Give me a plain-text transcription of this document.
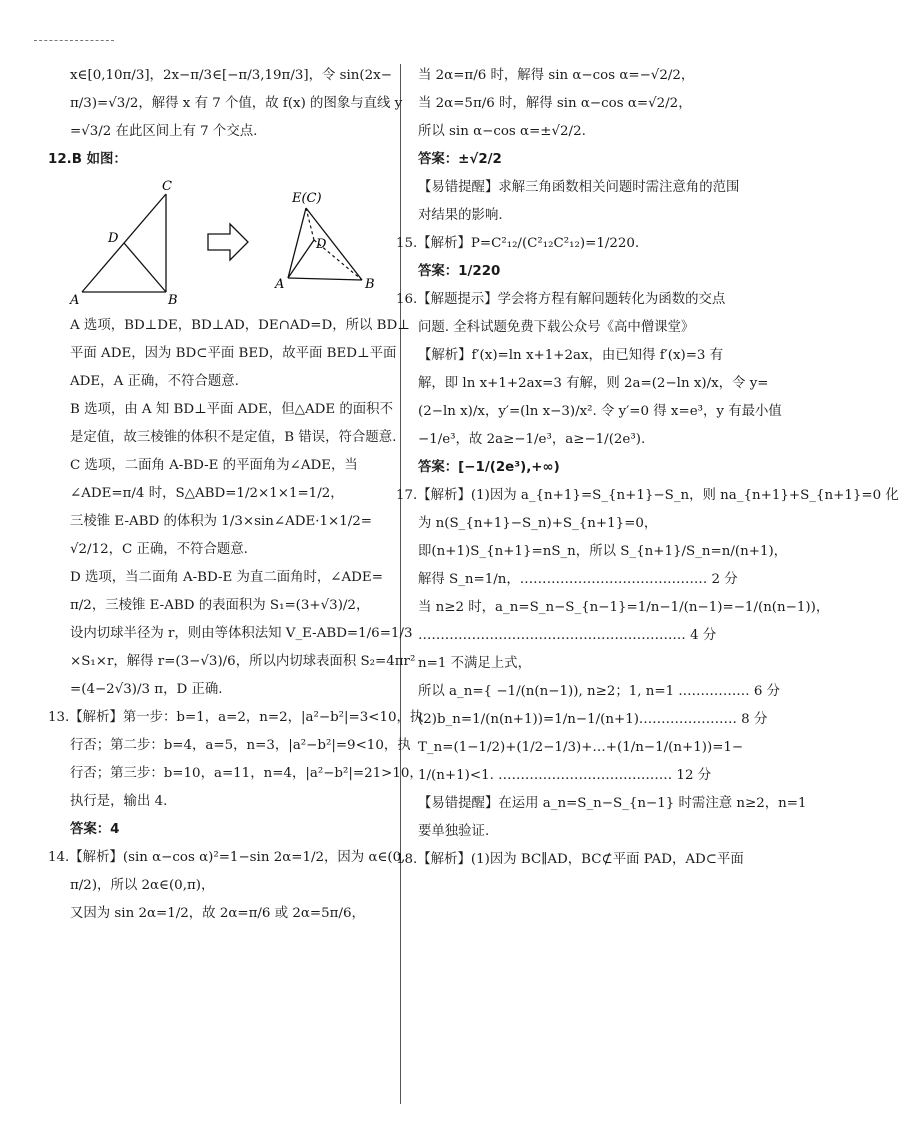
x∈[0,10π/3]，2x−π/3∈[−π/3,19π/3]，令 sin(2x−
π/3)=√3/2，解得 x 有 7 个值，故 f(x) 的图象与直线 y
=√3/2 在此区间上有 7 个交点.
12.B 如图：
C
D
A	B
E(C)
D
A	B
A 选项，BD⊥DE，BD⊥AD，DE∩AD=D，所以 BD⊥
平面 ADE，因为 BD⊂平面 BED，故平面 BED⊥平面
ADE，A 正确，不符合题意.
B 选项，由 A 知 BD⊥平面 ADE，但△ADE 的面积不
是定值，故三棱锥的体积不是定值，B 错误，符合题意.
C 选项，二面角 A-BD-E 的平面角为∠ADE，当
∠ADE=π/4 时，S△ABD=1/2×1×1=1/2，
三棱锥 E-ABD 的体积为 1/3×sin∠ADE·1×1/2=
√2/12，C 正确，不符合题意.
D 选项，当二面角 A-BD-E 为直二面角时，∠ADE=
π/2，三棱锥 E-ABD 的表面积为 S₁=(3+√3)/2，
设内切球半径为 r，则由等体积法知 V_E-ABD=1/6=1/3
×S₁×r，解得 r=(3−√3)/6，所以内切球表面积 S₂=4πr²
=(4−2√3)/3 π，D 正确.
13.【解析】第一步：b=1，a=2，n=2，|a²−b²|=3<10，执
行否；第二步：b=4，a=5，n=3，|a²−b²|=9<10，执
行否；第三步：b=10，a=11，n=4，|a²−b²|=21>10，
执行是，输出 4.
答案：4
14.【解析】(sin α−cos α)²=1−sin 2α=1/2，因为 α∈(0,
π/2)，所以 2α∈(0,π)，
又因为 sin 2α=1/2，故 2α=π/6 或 2α=5π/6，
当 2α=π/6 时，解得 sin α−cos α=−√2/2，
当 2α=5π/6 时，解得 sin α−cos α=√2/2，
所以 sin α−cos α=±√2/2.
答案：±√2/2
【易错提醒】求解三角函数相关问题时需注意角的范围
对结果的影响.
15.【解析】P=C²₁₂/(C²₁₂C²₁₂)=1/220.
答案：1/220
16.【解题提示】学会将方程有解问题转化为函数的交点
问题. 全科试题免费下载公众号《高中僧课堂》
【解析】f′(x)=ln x+1+2ax，由已知得 f′(x)=3 有
解，即 ln x+1+2ax=3 有解，则 2a=(2−ln x)/x，令 y=
(2−ln x)/x，y′=(ln x−3)/x². 令 y′=0 得 x=e³，y 有最小值
−1/e³，故 2a≥−1/e³，a≥−1/(2e³).
答案：[−1/(2e³),+∞)
17.【解析】(1)因为 a_{n+1}=S_{n+1}−S_n，则 na_{n+1}+S_{n+1}=0 化
为 n(S_{n+1}−S_n)+S_{n+1}=0，
即(n+1)S_{n+1}=nS_n，所以 S_{n+1}/S_n=n/(n+1)，
解得 S_n=1/n，…………………………………… 2 分
当 n≥2 时，a_n=S_n−S_{n−1}=1/n−1/(n−1)=−1/(n(n−1))，
…………………………………………………… 4 分
n=1 不满足上式，
所以 a_n={ −1/(n(n−1)), n≥2；1, n=1 .…………… 6 分
(2)b_n=1/(n(n+1))=1/n−1/(n+1).………………… 8 分
T_n=(1−1/2)+(1/2−1/3)+…+(1/n−1/(n+1))=1−
1/(n+1)<1. ………………………………… 12 分
【易错提醒】在运用 a_n=S_n−S_{n−1} 时需注意 n≥2，n=1
要单独验证.
18.【解析】(1)因为 BC∥AD，BC⊄平面 PAD，AD⊂平面
